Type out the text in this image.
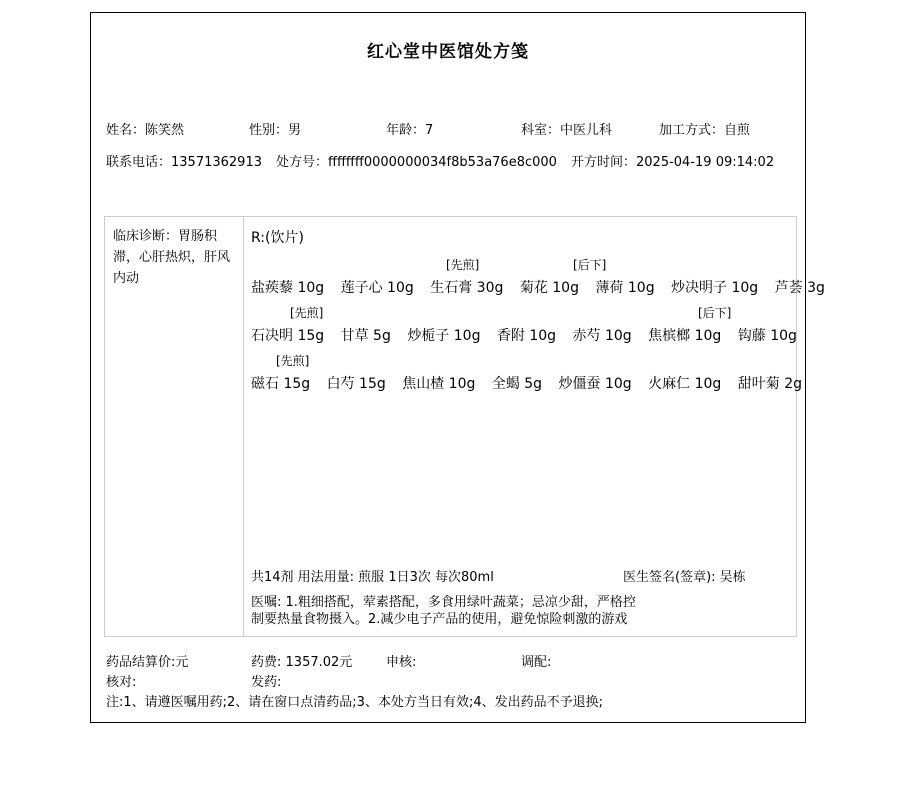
红心堂中医馆处方笺
姓名：陈笑然	性别：男	年龄：7	科室：中医儿科	加工方式：自煎
联系电话：13571362913 处方号：ffffffff0000000034f8b53a76e8c000 开方时间：2025-04-19 09:14:02
临床诊断：胃肠积滞，心肝热炽，肝风内动
R:(饮片)
[先煎]	[后下]
盐蒺藜 10g 莲子心 10g 生石膏 30g 菊花 10g 薄荷 10g 炒决明子 10g 芦荟 3g
[先煎]	[后下]
石决明 15g 甘草 5g 炒栀子 10g 香附 10g 赤芍 10g 焦槟榔 10g 钩藤 10g
[先煎]
磁石 15g 白芍 15g 焦山楂 10g 全蝎 5g 炒僵蚕 10g 火麻仁 10g 甜叶菊 2g
共14剂 用法用量: 煎服 1日3次 每次80ml	医生签名(签章): 吴栋
医嘱: 1.粗细搭配，荤素搭配，多食用绿叶蔬菜；忌凉少甜，严格控制要热量食物摄入。2.减少电子产品的使用，避免惊险刺激的游戏
药品结算价:元	药费: 1357.02元	申核:	调配:
核对:	发药:
注:1、请遵医嘱用药;2、请在窗口点清药品;3、本处方当日有效;4、发出药品不予退换;
